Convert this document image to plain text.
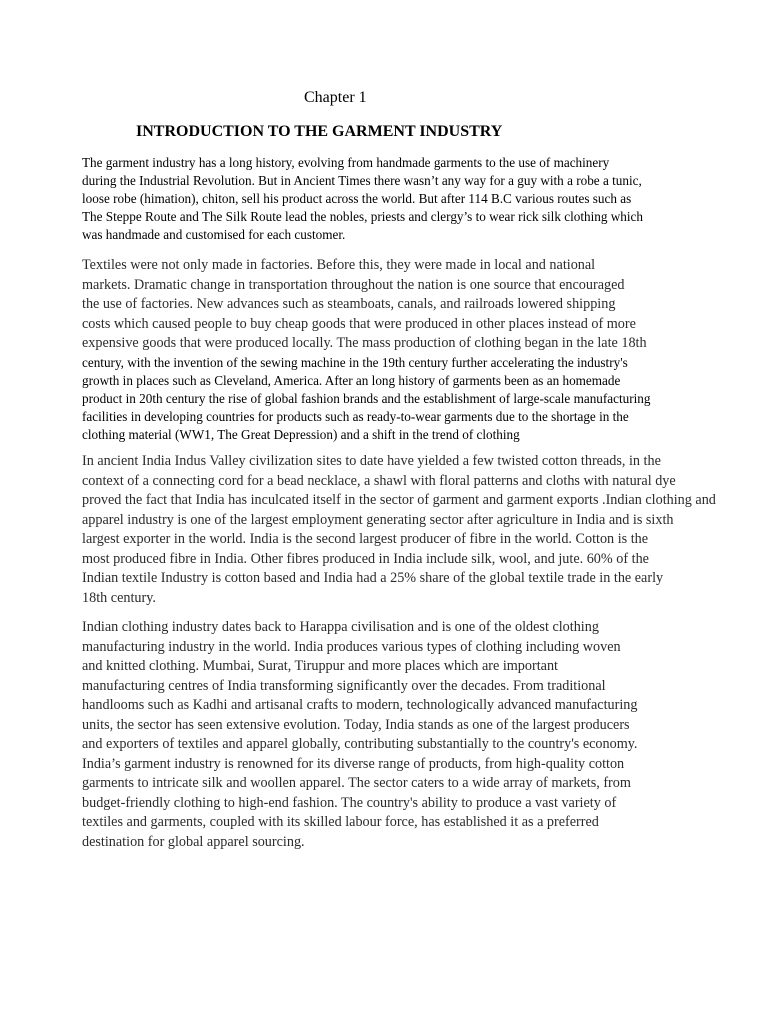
Chapter 1
INTRODUCTION TO THE GARMENT INDUSTRY

The garment industry has a long history, evolving from handmade garments to the use of machinery
during the Industrial Revolution. But in Ancient Times there wasn’t any way for a guy with a robe a tunic,
loose robe (himation), chiton, sell his product across the world. But after 114 B.C various routes such as
The Steppe Route and The Silk Route lead the nobles, priests and clergy’s to wear rick silk clothing which
was handmade and customised for each customer.

Textiles were not only made in factories. Before this, they were made in local and national
markets. Dramatic change in transportation throughout the nation is one source that encouraged
the use of factories. New advances such as steamboats, canals, and railroads lowered shipping
costs which caused people to buy cheap goods that were produced in other places instead of more
expensive goods that were produced locally. The mass production of clothing began in the late 18th
century, with the invention of the sewing machine in the 19th century further accelerating the industry's
growth in places such as Cleveland, America. After an long history of garments been as an homemade
product in 20th century the rise of global fashion brands and the establishment of large-scale manufacturing
facilities in developing countries for products such as ready-to-wear garments due to the shortage in the
clothing material (WW1, The Great Depression) and a shift in the trend of clothing

In ancient India Indus Valley civilization sites to date have yielded a few twisted cotton threads, in the
context of a connecting cord for a bead necklace, a shawl with floral patterns and cloths with natural dye
proved the fact that India has inculcated itself in the sector of garment and garment exports .Indian clothing and
apparel industry is one of the largest employment generating sector after agriculture in India and is sixth
largest exporter in the world. India is the second largest producer of fibre in the world. Cotton is the
most produced fibre in India. Other fibres produced in India include silk, wool, and jute. 60% of the
Indian textile Industry is cotton based and India had a 25% share of the global textile trade in the early
18th century.

Indian clothing industry dates back to Harappa civilisation and is one of the oldest clothing
manufacturing industry in the world. India produces various types of clothing including woven
and knitted clothing. Mumbai, Surat, Tiruppur and more places which are important
manufacturing centres of India transforming significantly over the decades. From traditional
handlooms such as Kadhi and artisanal crafts to modern, technologically advanced manufacturing
units, the sector has seen extensive evolution. Today, India stands as one of the largest producers
and exporters of textiles and apparel globally, contributing substantially to the country's economy.
India’s garment industry is renowned for its diverse range of products, from high-quality cotton
garments to intricate silk and woollen apparel. The sector caters to a wide array of markets, from
budget-friendly clothing to high-end fashion. The country's ability to produce a vast variety of
textiles and garments, coupled with its skilled labour force, has established it as a preferred
destination for global apparel sourcing.
